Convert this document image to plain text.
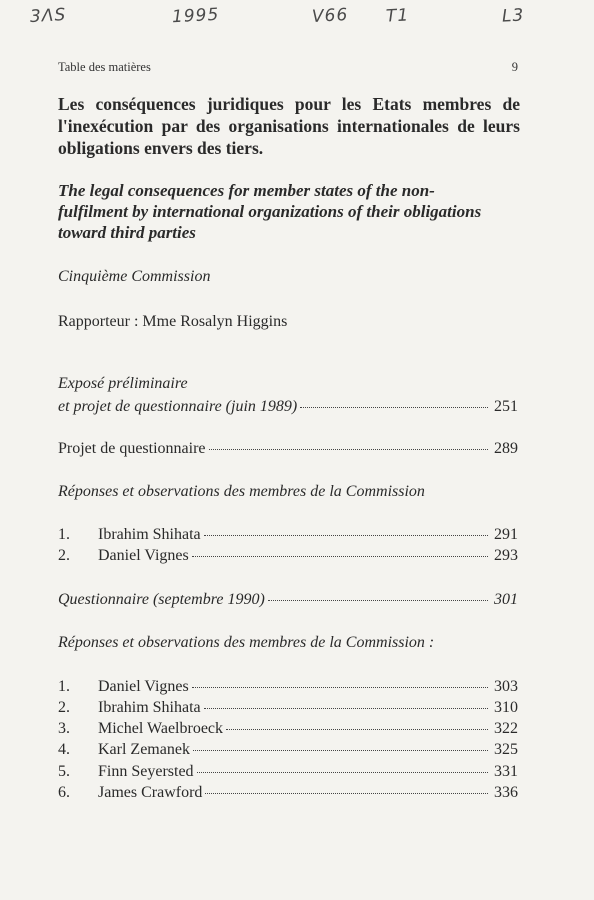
3ΛS	1995	V66 T1	L3
Table des matières	9
Les conséquences juridiques pour les Etats membres de l'inexécution par des organisations internationales de leurs obligations envers des tiers.
The legal consequences for member states of the non-fulfilment by international organizations of their obligations toward third parties
Cinquième Commission
Rapporteur : Mme Rosalyn Higgins
Exposé préliminaire
et projet de questionnaire (juin 1989)	251
Projet de questionnaire	289
Réponses et observations des membres de la Commission
1.	Ibrahim Shihata	291
2.	Daniel Vignes	293
Questionnaire (septembre 1990)	301
Réponses et observations des membres de la Commission :
1.	Daniel Vignes	303
2.	Ibrahim Shihata	310
3.	Michel Waelbroeck	322
4.	Karl Zemanek	325
5.	Finn Seyersted	331
6.	James Crawford	336
